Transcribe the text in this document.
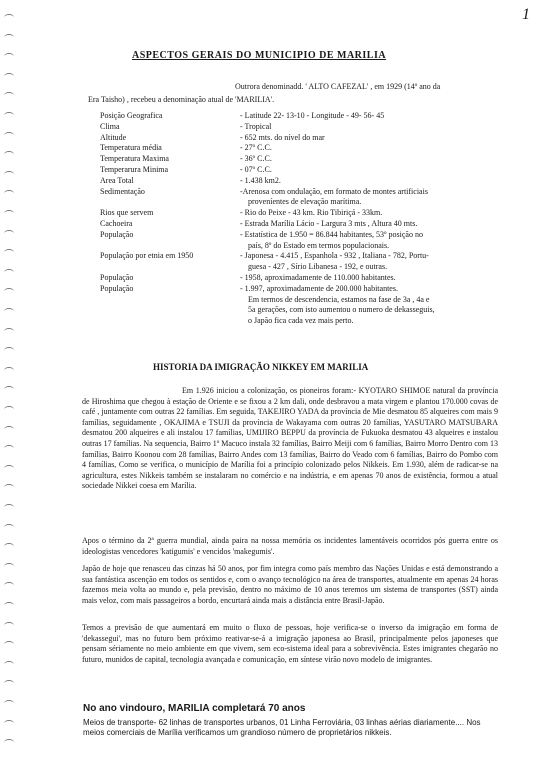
1
ASPECTOS GERAIS DO MUNICIPIO DE MARILIA
Outrora denominadd. ' ALTO CAFEZAL' , em 1929 (14º ano da
Era Taisho) , recebeu a denominação atual de 'MARILIA'.
Posição Geografica	- Latitude 22- 13-10 - Longitude - 49- 56- 45
Clima	- Tropical
Altitude	- 652 mts. do nível do mar
Temperatura média	- 27º C.C.
Temperatura Maxima	- 36º C.C.
Temperarura Minima	- 07º C.C.
Area Total	- 1.438 km2.
Sedimentação	-Arenosa com ondulação, em formato de montes artificiais
proveníentes de elevação marítima.
Rios que servem	- Rio do Peixe - 43 km. Rio Tibiriçá - 33km.
Cachoeira	- Estrada Marília Lácio - Largura 3 mts , Altura 40 mts.
População	- Estatística de 1.950 = 86.844 habitantes, 53º posição no
país, 8º do Estado em termos populacionais.
População por etnia em 1950	- Japonesa - 4.415 , Espanhola - 932 , Italiana - 782, Portu-
guesa - 427 , Sírio Libanesa - 192, e outras.
População	- 1958, aproximadamente de 110.000 habitantes.
População	- 1.997, aproximadamente de 200.000 habitantes.
Em termos de descendencia, estamos na fase de 3a , 4a e
5a gerações, com isto aumentou o numero de dekasseguis,
o Japão fica cada vez mais perto.
HISTORIA DA IMIGRAÇÃO NIKKEY EM MARILIA

Em 1.926 iniciou a colonização, os pioneiros foram:- KYOTARO SHIMOE natural da província de Hiroshima que chegou à estação de Oriente e se fixou a 2 km dali, onde desbravou a mata virgem e plantou 170.000 covas de café , juntamente com outras 22 famílias. Em seguida, TAKEJIRO YADA da província de Mie desmatou 85 alqueires com mais 9 famílias, seguidamente , OKAJIMA e TSUJI da província de Wakayama com outras 20 famílias, YASUTARO MATSUBARA desmatou 200 alqueires e ali instalou 17 famílias, UMIJIRO BEPPU da província de Fukuoka desmatou 43 alqueires e instalou outras 17 famílias. Na sequencia, Bairro 1º Macuco instala 32 famílias, Bairro Meiji com 6 famílias, Bairro Morro Dentro com 13 famílias, Bairro Koonou com 28 famílias, Bairro Andes com 13 famílias, Bairro do Veado com 6 famílias, Bairro do Pombo com 4 famílias, Como se verifica, o município de Marília foi a princípio colonizado pelos Nikkeis. Em 1.930, além de radicar-se na agricultura, estes Nikkeis também se instalaram no comércio e na indústria, e em apenas 70 anos de existência, formou a atual sociedade Nikkei coesa em Marília.

Apos o término da 2ª guerra mundial, ainda paira na nossa memória os incidentes lamentáveis ocorridos pós guerra entre os ideologistas vencedores 'katigumis' e vencidos 'makegumis'.

Japão de hoje que renasceu das cinzas há 50 anos, por fim integra como país membro das Nações Unidas e está demonstrando a sua fantástica ascenção em todos os sentidos e, com o avanço tecnológico na área de transportes, atualmente em apenas 24 horas fazemos meia volta ao mundo e, pela previsão, dentro no máximo de 10 anos teremos um sistema de transportes (SST) ainda mais veloz, com mais passageiros a bordo, encurtará ainda mais a distância entre Brasil-Japão.

Temos a previsão de que aumentará em muito o fluxo de pessoas, hoje verifica-se o inverso da imigração em forma de 'dekassegui', mas no futuro bem próximo reativar-se-á a imigração japonesa ao Brasil, principalmente pelos japoneses que pensam sériamente no meio ambiente em que vivem, sem eco-sistema ideal para a sobrevivência. Estes imigrantes chegarão no futuro, munidos de capital, tecnologia avançada e comunicação, em síntese virão novo modelo de imigrantes.

No ano vindouro, MARILIA completará 70 anos
Meios de transporte- 62 linhas de transportes urbanos, 01 Linha Ferroviária, 03 linhas aérias diariamente.... Nos meios comerciais de Marília verificamos um grandioso número de proprietários nikkeis.
